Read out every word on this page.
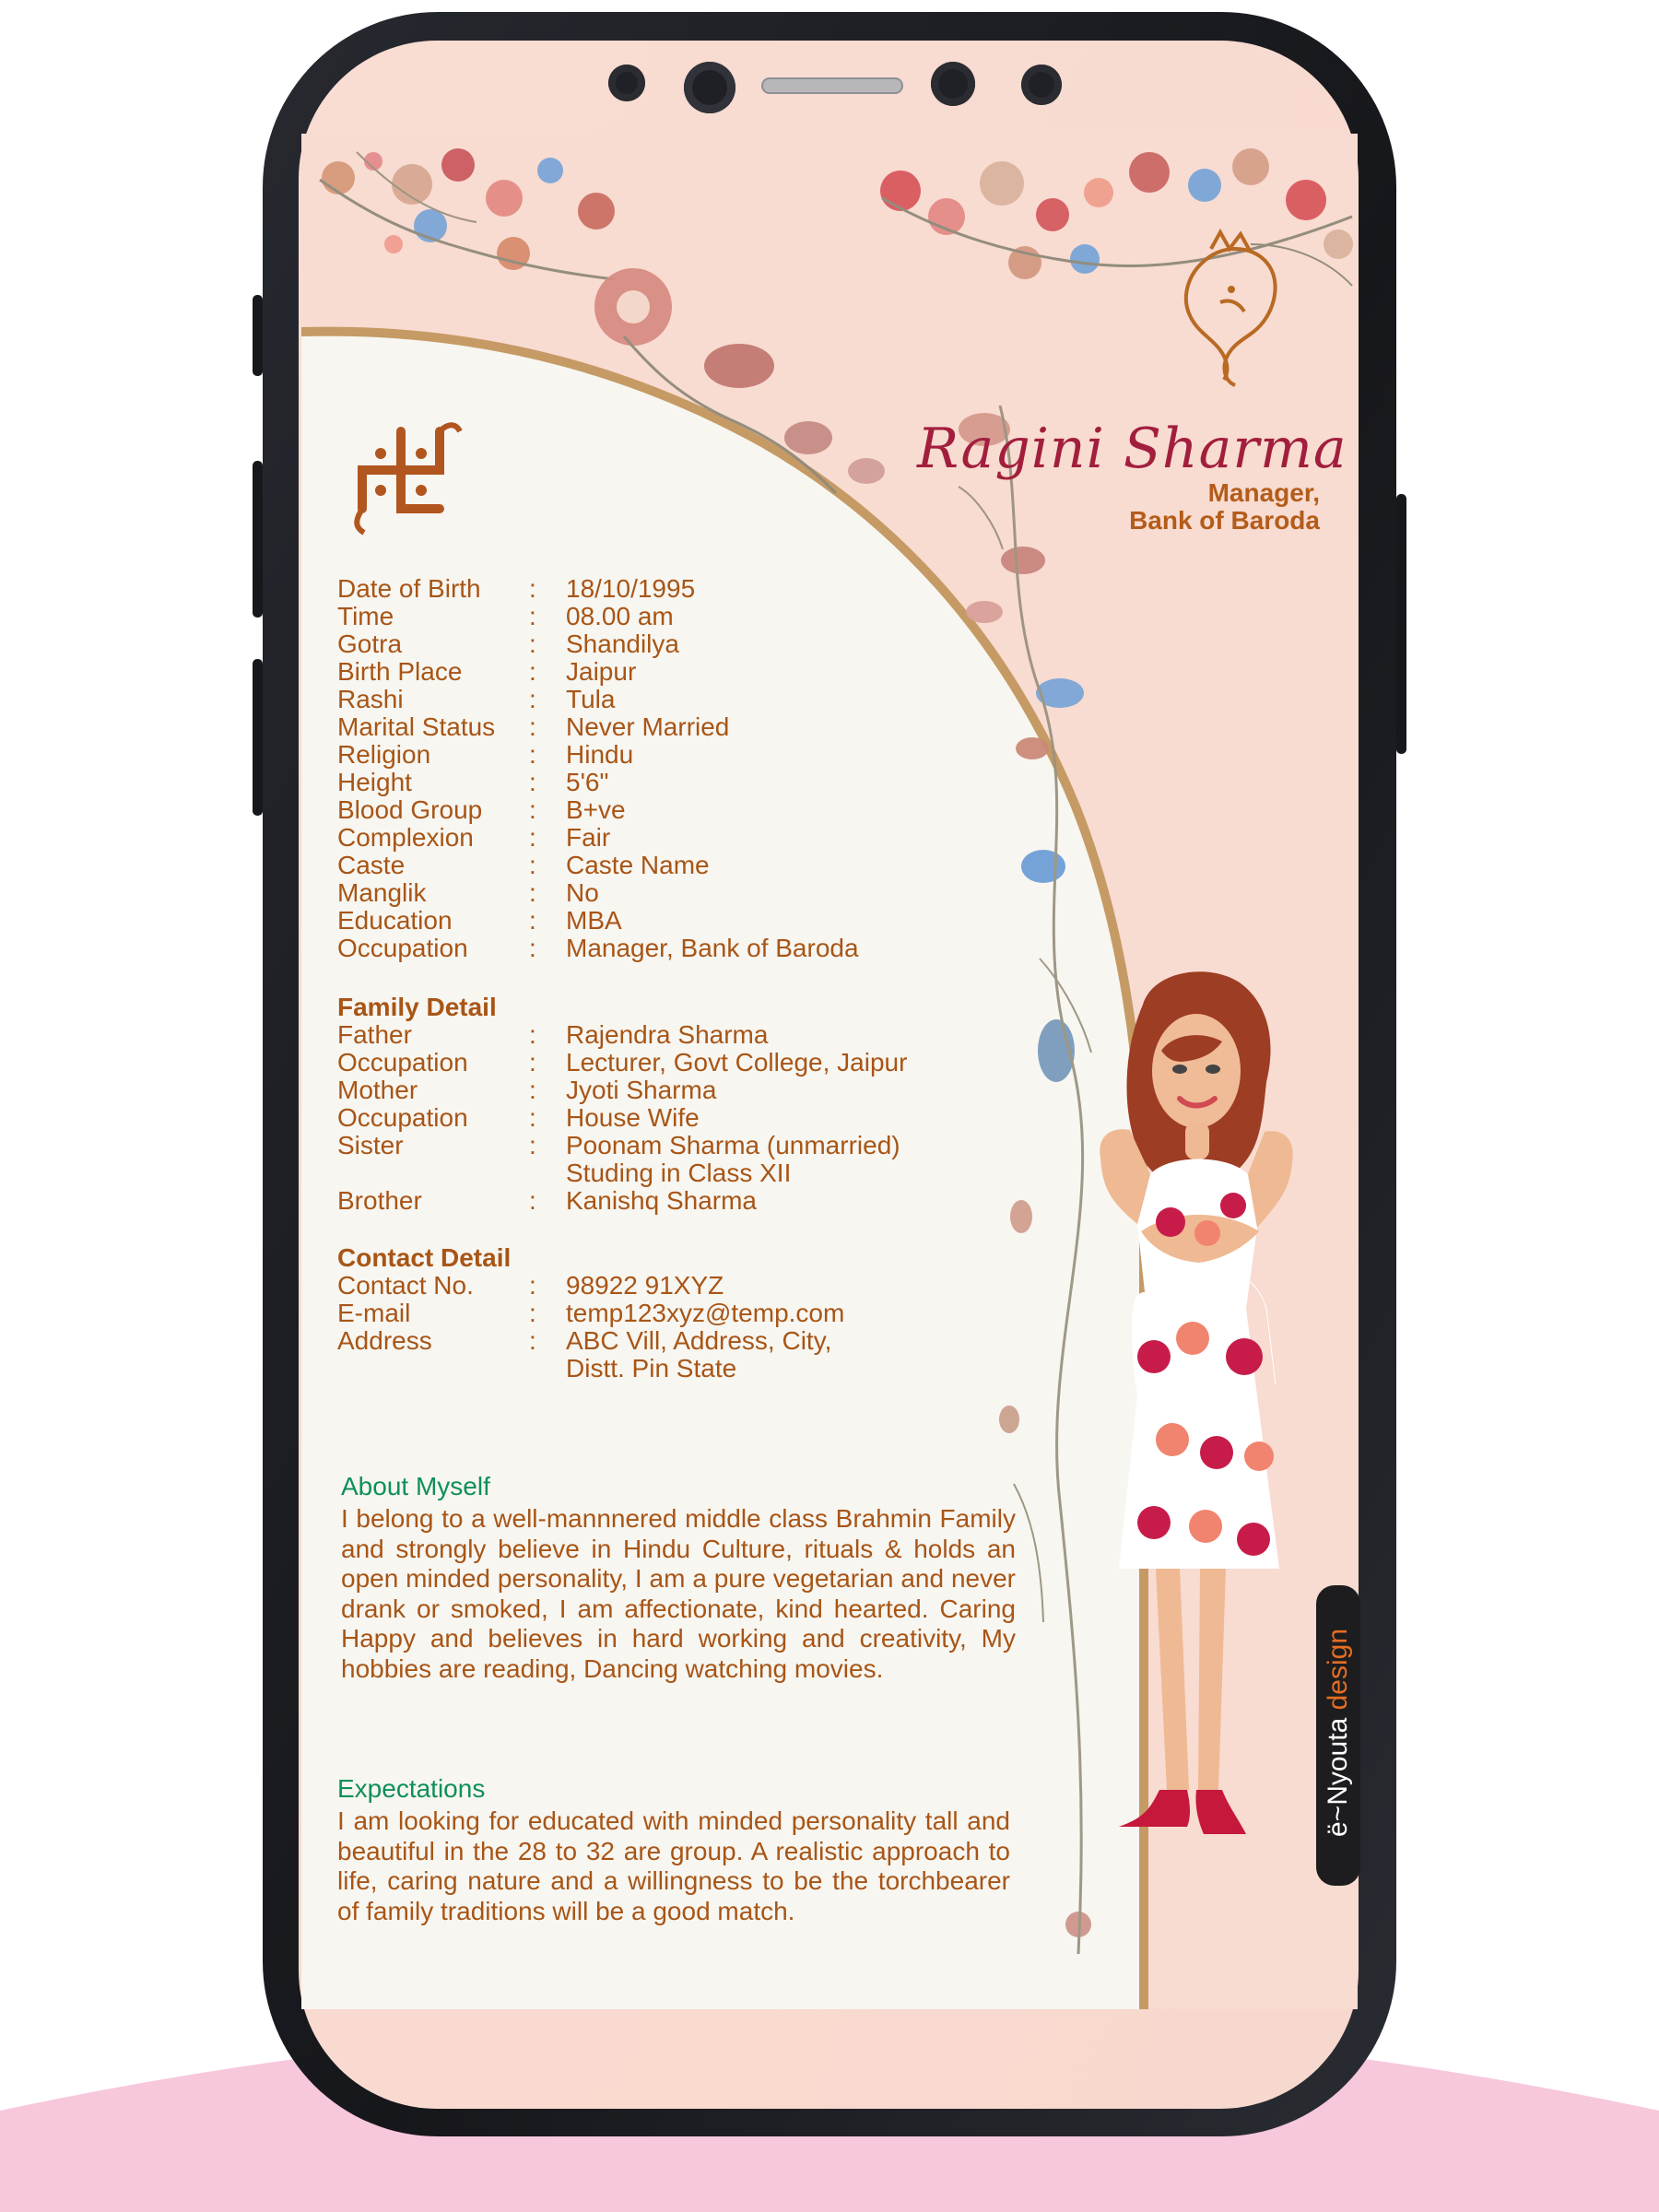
Ragini Sharma
Manager,
Bank of Baroda
Date of Birth : 18/10/1995
Time	: 08.00 am
Gotra	: Shandilya
Birth Place	: Jaipur
Rashi	: Tula
Marital Status : Never Married
Religion	: Hindu
Height	: 5'6"
Blood Group : B+ve
Complexion : Fair
Caste	: Caste Name
Manglik	: No
Education	: MBA
Occupation : Manager, Bank of Baroda
Family Detail
Father	: Rajendra Sharma
Occupation : Lecturer, Govt College, Jaipur
Mother	: Jyoti Sharma
Occupation : House Wife
Sister	: Poonam Sharma (unmarried)
Studing in Class XII
Brother	: Kanishq Sharma
Contact Detail
Contact No. : 98922 91XYZ
E-mail	: temp123xyz@temp.com
Address	: ABC Vill, Address, City,
Distt. Pin State
About Myself
I belong to a well-mannnered middle class Brahmin Family and strongly believe in Hindu Culture, rituals & holds an open minded personality, I am a pure vegetarian and never drank or smoked, I am affectionate, kind hearted. Caring Happy and believes in hard working and creativity, My hobbies are reading, Dancing watching movies.
Expectations
I am looking for educated with minded personality tall and beautiful in the 28 to 32 are group. A realistic approach to life, caring nature and a willingness to be the torchbearer of family traditions will be a good match.
ë~Nyouta design
